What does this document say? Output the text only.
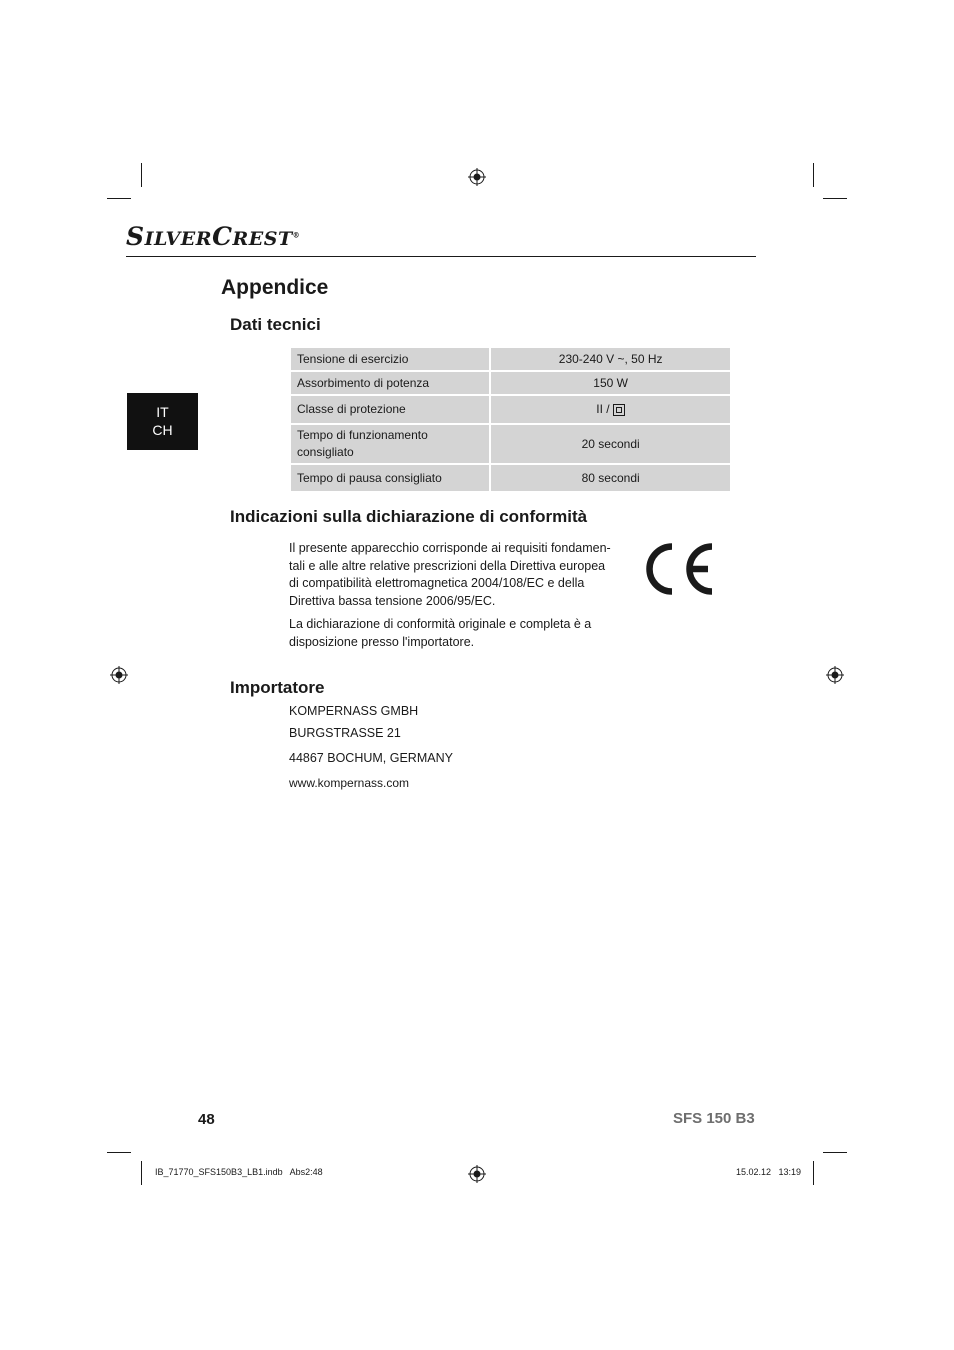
SILVERCREST®
IT
CH
Appendice
Dati tecnici
Tensione di esercizio	230-240 V ~, 50 Hz
Assorbimento di potenza	150 W
Classe di protezione	II /

Tempo di funzionamento
consigliato	20 secondi
Tempo di pausa consigliato	80 secondi
Indicazioni sulla dichiarazione di conformità

Il presente apparecchio corrisponde ai requisiti fondamen-tali e alle altre relative prescrizioni della Direttiva europea di compatibilità elettromagnetica 2004/108/EC e della Direttiva bassa tensione 2006/95/EC.

La dichiarazione di conformità originale e completa è a disposizione presso l'importatore.

Importatore

KOMPERNASS GMBH

BURGSTRASSE 21

44867 BOCHUM, GERMANY

www.kompernass.com

48	SFS 150 B3
IB_71770_SFS150B3_LB1.indb   Abs2:48	15.02.12   13:19
